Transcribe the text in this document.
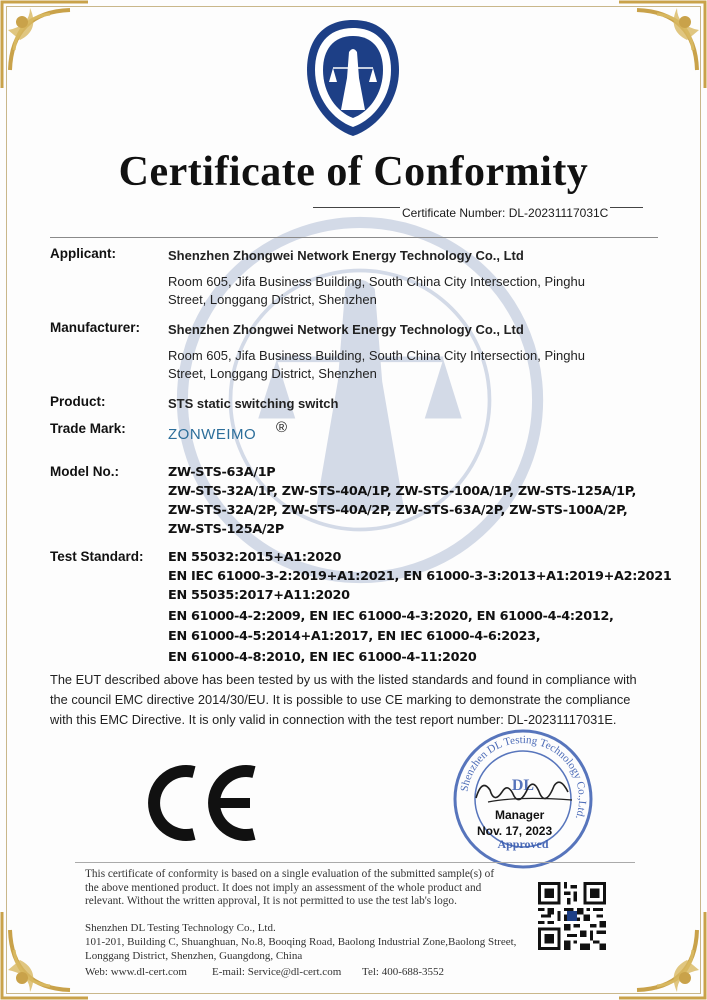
Certificate of Conformity
Certificate Number: DL-20231117031C
Applicant:	Shenzhen Zhongwei Network Energy Technology Co., Ltd
Room 605, Jifa Business Building, South China City Intersection, Pinghu
Street, Longgang District, Shenzhen
Manufacturer: Shenzhen Zhongwei Network Energy Technology Co., Ltd
Room 605, Jifa Business Building, South China City Intersection, Pinghu
Street, Longgang District, Shenzhen
Product:	STS static switching switch
Trade Mark:	ZONWEIMO ®
Model No.:	ZW-STS-63A/1P
ZW-STS-32A/1P, ZW-STS-40A/1P, ZW-STS-100A/1P, ZW-STS-125A/1P,
ZW-STS-32A/2P, ZW-STS-40A/2P, ZW-STS-63A/2P, ZW-STS-100A/2P,
ZW-STS-125A/2P
Test Standard: EN 55032:2015+A1:2020
EN IEC 61000-3-2:2019+A1:2021, EN 61000-3-3:2013+A1:2019+A2:2021
EN 55035:2017+A11:2020
EN 61000-4-2:2009, EN IEC 61000-4-3:2020, EN 61000-4-4:2012,
EN 61000-4-5:2014+A1:2017, EN IEC 61000-4-6:2023,
EN 61000-4-8:2010, EN IEC 61000-4-11:2020
The EUT described above has been tested by us with the listed standards and found in compliance with
the council EMC directive 2014/30/EU. It is possible to use CE marking to demonstrate the compliance
with this EMC Directive. It is only valid in connection with the test report number: DL-20231117031E.
Shenzhen DL Testing Technology Co.,Ltd.
DL
Approved
Manager
Nov. 17, 2023
This certificate of conformity is based on a single evaluation of the submitted sample(s) of
the above mentioned product. It does not imply an assessment of the whole product and
relevant. Without the written approval, It is not permitted to use the test lab's logo.
Shenzhen DL Testing Technology Co., Ltd.
101-201, Building C, Shuanghuan, No.8, Booqing Road, Baolong Industrial Zone,Baolong Street,
Longgang District, Shenzhen, Guangdong, China
Web: www.dl-cert.com E-mail: Service@dl-cert.com Tel: 400-688-3552
